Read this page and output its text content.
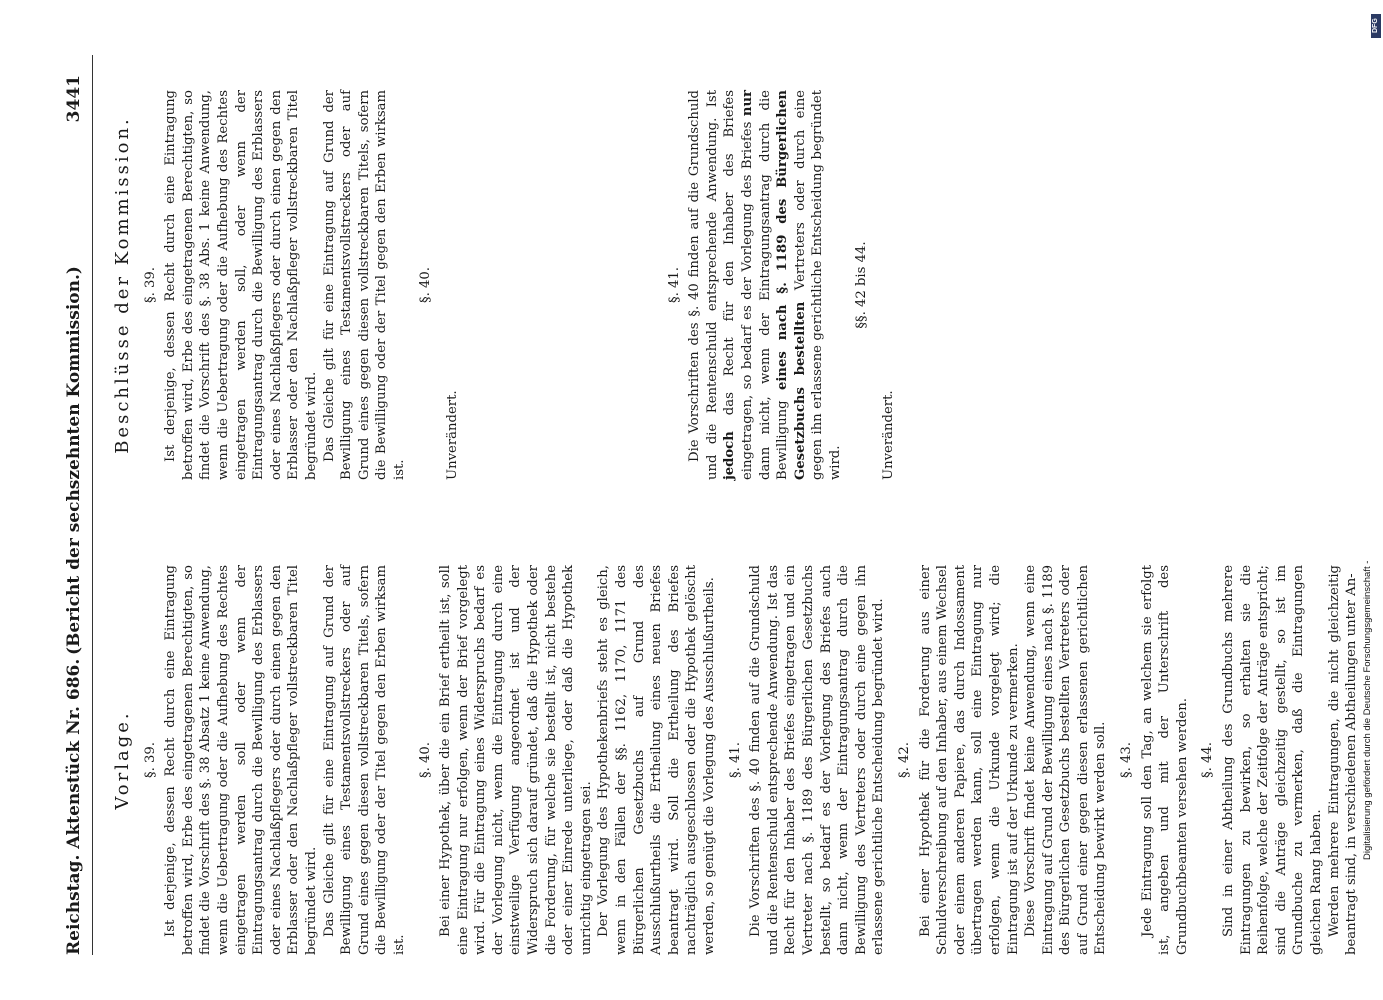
Reichstag. Aktenstück Nr. 686.
(Bericht der sechszehnten Kommission.)
3441
Vorlage. §. 39. Ist derjenige, dessen Recht durch eine Eintragung betroffen wird, Erbe des eingetragenen Berechtigten, so findet die Vorschrift des §. 38 Absatz 1 keine Anwendung, wenn die Uebertragung oder die Aufhebung des Rechtes eingetragen werden soll oder wenn der Eintragungsantrag durch die Bewilligung des Erblassers oder eines Nachlaßpflegers oder durch einen gegen den Erblasser oder den Nachlaßpfleger vollstreckbaren Titel begründet wird. Das Gleiche gilt für eine Eintragung auf Grund der Bewilligung eines Testamentsvollstreckers oder auf Grund eines gegen diesen vollstreckbaren Titels, sofern die Bewilligung oder der Titel gegen den Erben wirksam ist.

§. 40. Bei einer Hypothek, über die ein Brief ertheilt ist, soll eine Eintragung nur erfolgen, wenn der Brief vorgelegt wird. Für die Eintragung eines Widerspruchs bedarf es der Vorlegung nicht, wenn die Eintragung durch eine einstweilige Verfügung angeordnet ist und der Widerspruch sich darauf gründet, daß die Hypothek oder die Forderung, für welche sie bestellt ist, nicht bestehe oder einer Einrede unterliege, oder daß die Hypothek unrichtig eingetragen sei. Der Vorlegung des Hypothekenbriefs steht es gleich, wenn in den Fällen der §§. 1162, 1170, 1171 des Bürgerlichen Gesetzbuchs auf Grund des Ausschlußurtheils die Ertheilung eines neuen Briefes beantragt wird. Soll die Ertheilung des Briefes nachträglich ausgeschlossen oder die Hypothek gelöscht werden, so genügt die Vorlegung des Ausschlußurtheils. §. 41. Die Vorschriften des §. 40 finden auf die Grundschuld und die Rentenschuld entsprechende Anwendung. Ist das Recht für den Inhaber des Briefes eingetragen und ein Vertreter nach §. 1189 des Bürgerlichen Gesetzbuchs bestellt, so bedarf es der Vorlegung des Briefes auch dann nicht, wenn der Eintragungsantrag durch die Bewilligung des Vertreters oder durch eine gegen ihn erlassene gerichtliche Entscheidung begründet wird. §. 42. Bei einer Hypothek für die Forderung aus einer Schuldverschreibung auf den Inhaber, aus einem Wechsel oder einem anderen Papiere, das durch Indossament übertragen werden kann, soll eine Eintragung nur erfolgen, wenn die Urkunde vorgelegt wird; die Eintragung ist auf der Urkunde zu vermerken. Diese Vorschrift findet keine Anwendung, wenn eine Eintragung auf Grund der Bewilligung eines nach §. 1189 des Bürgerlichen Gesetzbuchs bestellten Vertreters oder auf Grund einer gegen diesen erlassenen gerichtlichen Entscheidung bewirkt werden soll. §. 43. Jede Eintragung soll den Tag, an welchem sie erfolgt ist, angeben und mit der Unterschrift des Grundbuchbeamten versehen werden. §. 44. Sind in einer Abtheilung des Grundbuchs mehrere Eintragungen zu bewirken, so erhalten sie die Reihenfolge, welche der Zeitfolge der Anträge entspricht; sind die Anträge gleichzeitig gestellt, so ist im Grundbuche zu vermerken, daß die Eintragungen gleichen Rang haben. Werden mehrere Eintragungen, die nicht gleichzeitig beantragt sind, in verschiedenen Abtheilungen unter An-

Beschlüsse der Kommission. §. 39. Ist derjenige, dessen Recht durch eine Eintragung betroffen wird, Erbe des eingetragenen Berechtigten, so findet die Vorschrift des §. 38 Abs. 1 keine Anwendung, wenn die Uebertragung oder die Aufhebung des Rechtes eingetragen werden soll, oder wenn der Eintragungsantrag durch die Bewilligung des Erblassers oder eines Nachlaßpflegers oder durch einen gegen den Erblasser oder den Nachlaßpfleger vollstreckbaren Titel begründet wird. Das Gleiche gilt für eine Eintragung auf Grund der Bewilligung eines Testamentsvollstreckers oder auf Grund eines gegen diesen vollstreckbaren Titels, sofern die Bewilligung oder der Titel gegen den Erben wirksam ist.

§. 40.

Unverändert.

§. 41. Die Vorschriften des §. 40 finden auf die Grundschuld und die Rentenschuld entsprechende Anwendung. Ist jedoch das Recht für den Inhaber des Briefes eingetragen, so bedarf es der Vorlegung des Briefes nur dann nicht, wenn der Eintragungsantrag durch die Bewilligung eines nach §. 1189 des Bürgerlichen Gesetzbuchs bestellten Vertreters oder durch eine gegen ihn erlassene gerichtliche Entscheidung begründet wird.

§§. 42 bis 44.

Unverändert.

Digitalisierung gefördert durch die Deutsche Forschungsgemeinschaft -
DFG
